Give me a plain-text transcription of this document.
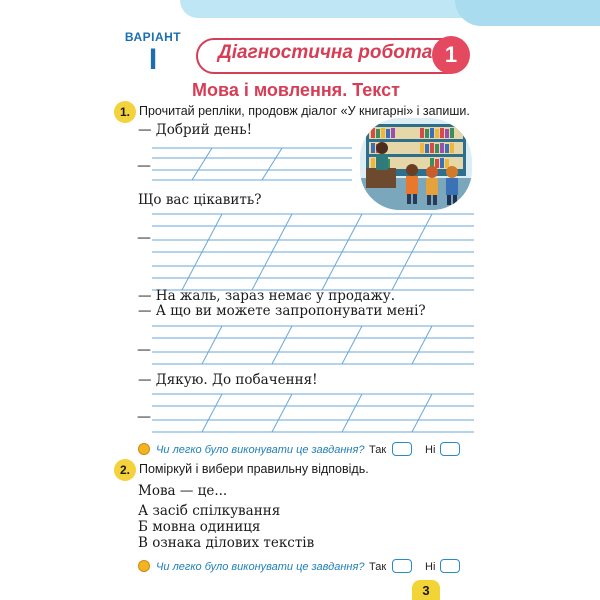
ВАРІАНТ
I	Діагностична робота 1
Мова і мовлення. Текст
1. Прочитай репліки, продовж діалог «У книгарні» і запиши.
— Добрий день!
—
Що вас цікавить?
—
— На жаль, зараз немає у продажу.
— А що ви можете запропонувати мені?
—
— Дякую. До побачення!
—
Чи легко було виконувати це завдання? Так	Ні
2. Поміркуй і вибери правильну відповідь.
Мова — це...
А засіб спілкування
Б мовна одиниця
В ознака ділових текстів
Чи легко було виконувати це завдання? Так	Ні
3
